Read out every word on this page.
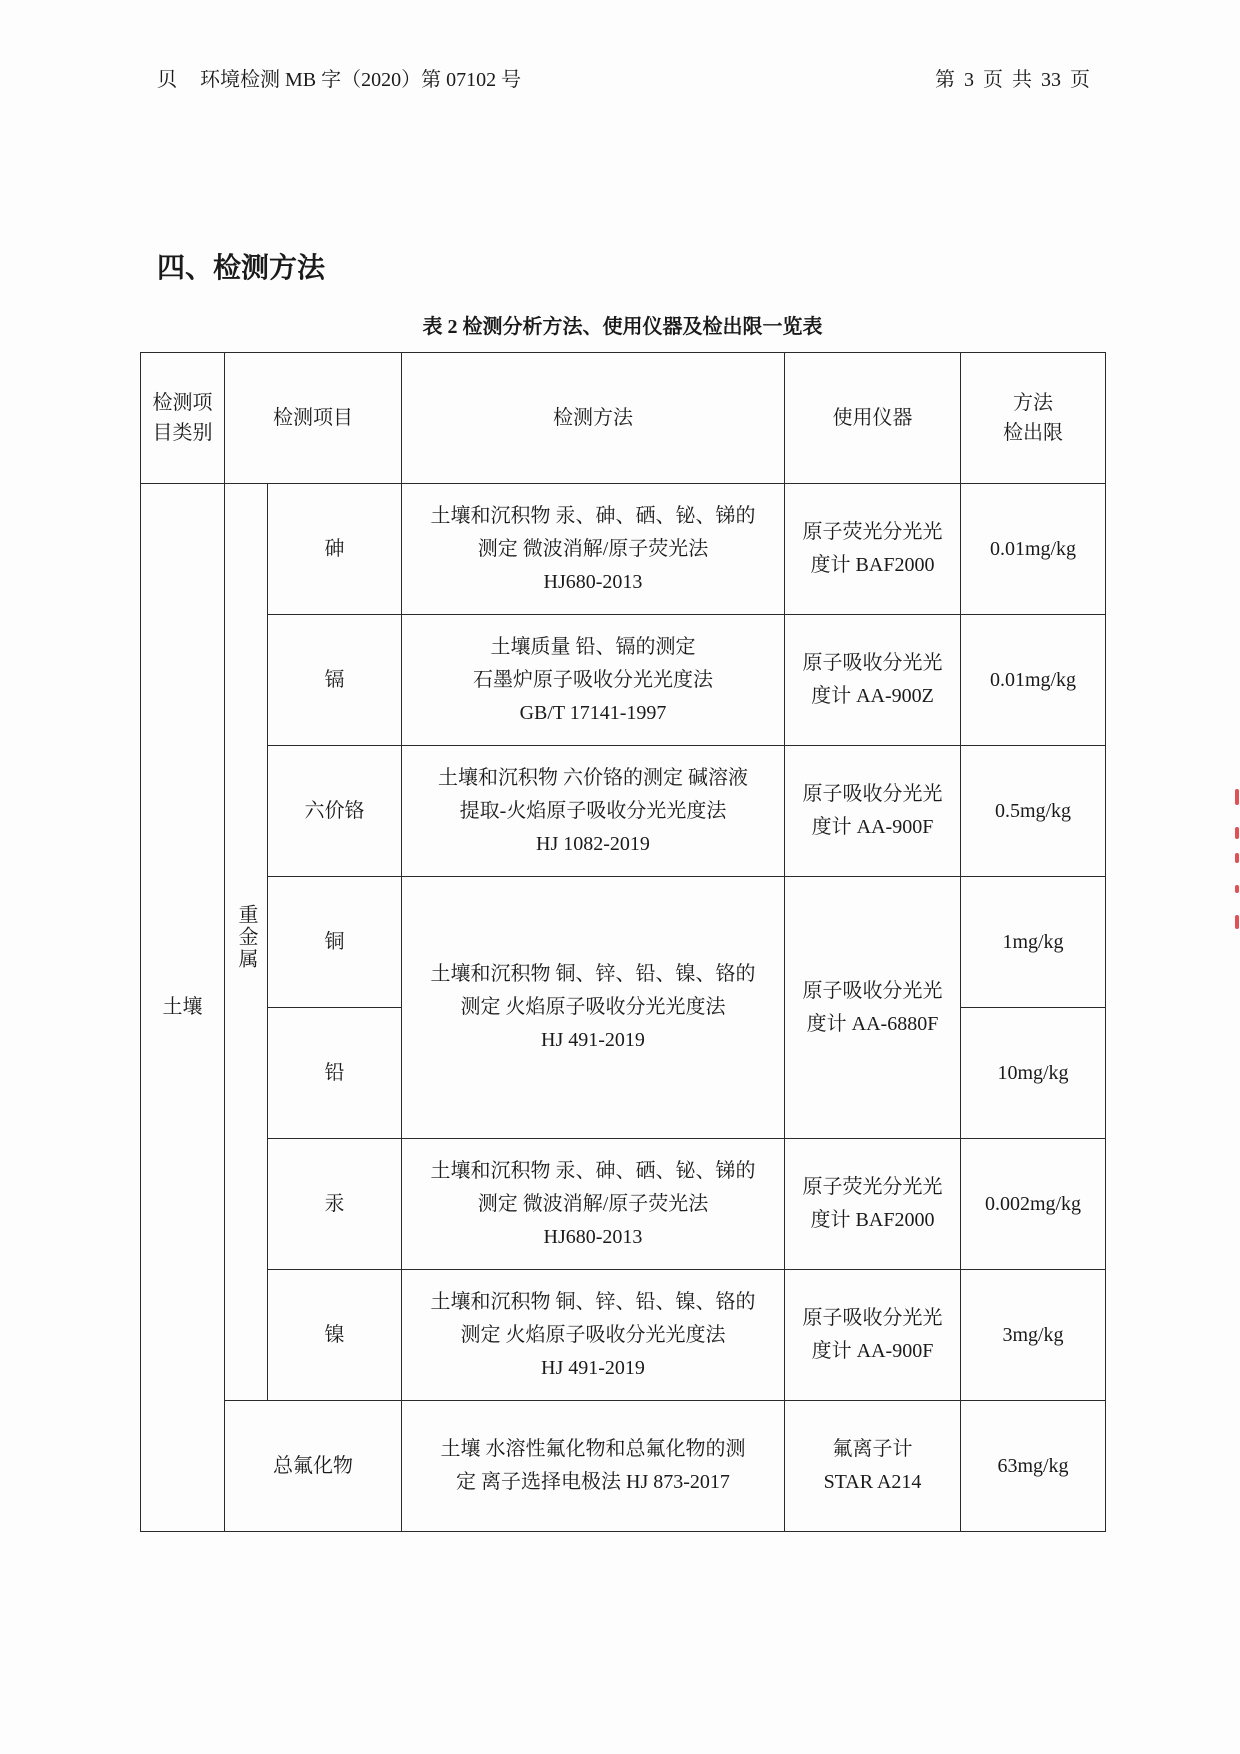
贝 环境检测 MB 字（2020）第 07102 号	第 3 页 共 33 页
四、检测方法
表 2 检测分析方法、使用仪器及检出限一览表
检测项
目类别	检测项目		检测方法	使用仪器	方法
检出限
土壤	重金属	砷	土壤和沉积物 汞、砷、硒、铋、锑的
测定 微波消解/原子荧光法
HJ680-2013	原子荧光分光光
度计 BAF2000	0.01mg/kg
		镉	土壤质量 铅、镉的测定
石墨炉原子吸收分光光度法
GB/T 17141-1997	原子吸收分光光
度计 AA-900Z	0.01mg/kg
		六价铬	土壤和沉积物 六价铬的测定 碱溶液
提取-火焰原子吸收分光光度法
HJ 1082-2019	原子吸收分光光
度计 AA-900F	0.5mg/kg
		铜	土壤和沉积物 铜、锌、铅、镍、铬的
测定 火焰原子吸收分光光度法
HJ 491-2019	原子吸收分光光
度计 AA-6880F	1mg/kg
		铅			10mg/kg
		汞	土壤和沉积物 汞、砷、硒、铋、锑的
测定 微波消解/原子荧光法
HJ680-2013	原子荧光分光光
度计 BAF2000	0.002mg/kg
		镍	土壤和沉积物 铜、锌、铅、镍、铬的
测定 火焰原子吸收分光光度法
HJ 491-2019	原子吸收分光光
度计 AA-900F	3mg/kg
	总氟化物		土壤 水溶性氟化物和总氟化物的测
定 离子选择电极法 HJ 873-2017	氟离子计
STAR A214	63mg/kg
